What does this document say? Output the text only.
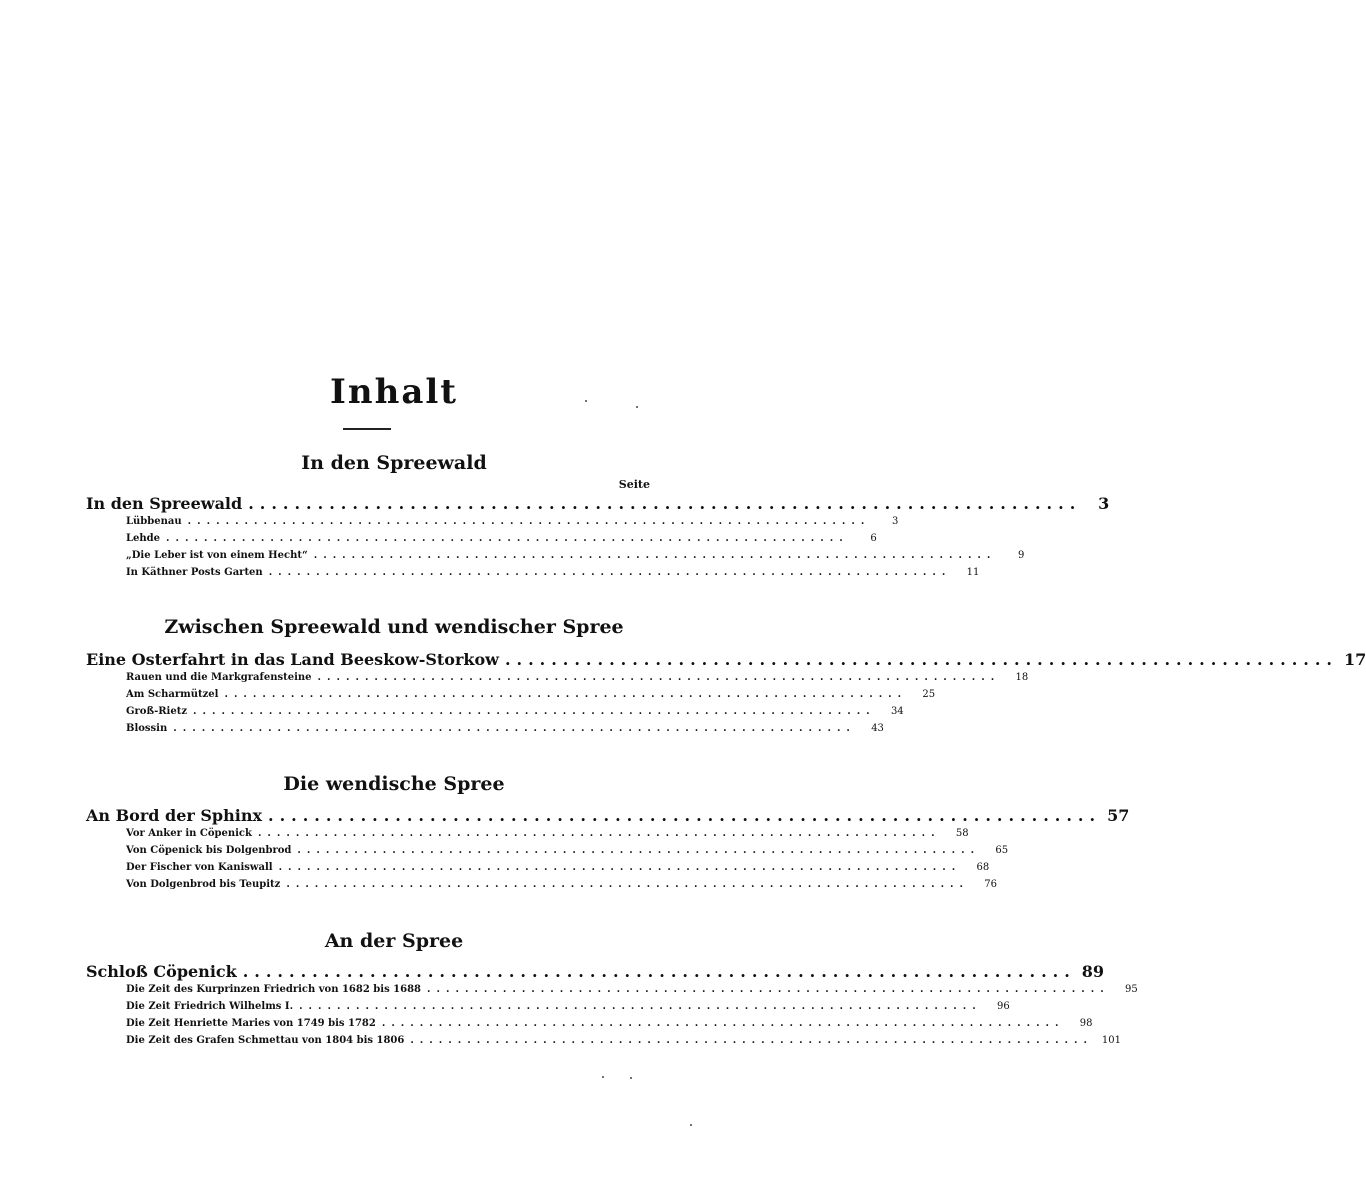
Inhalt
Seite
In den Spreewald
In den Spreewald ........................................................................	3
Lübbenau ........................................................................	3
Lehde ........................................................................	6
„Die Leber ist von einem Hecht“ ........................................................................	9
In Käthner Posts Garten ........................................................................	11
Zwischen Spreewald und wendischer Spree
Eine Osterfahrt in das Land Beeskow-Storkow ........................................................................ 17
Rauen und die Markgrafensteine ........................................................................	18
Am Scharmützel ........................................................................	25
Groß-Rietz ........................................................................	34
Blossin ........................................................................	43
Die wendische Spree
An Bord der Sphinx ........................................................................ 57
Vor Anker in Cöpenick ........................................................................	58
Von Cöpenick bis Dolgenbrod ........................................................................	65
Der Fischer von Kaniswall ........................................................................	68
Von Dolgenbrod bis Teupitz ........................................................................	76
An der Spree
Schloß Cöpenick ........................................................................ 89
Die Zeit des Kurprinzen Friedrich von 1682 bis 1688 ........................................................................	95
Die Zeit Friedrich Wilhelms I. ........................................................................	96
Die Zeit Henriette Maries von 1749 bis 1782 ........................................................................	98
Die Zeit des Grafen Schmettau von 1804 bis 1806 ........................................................................ 101
